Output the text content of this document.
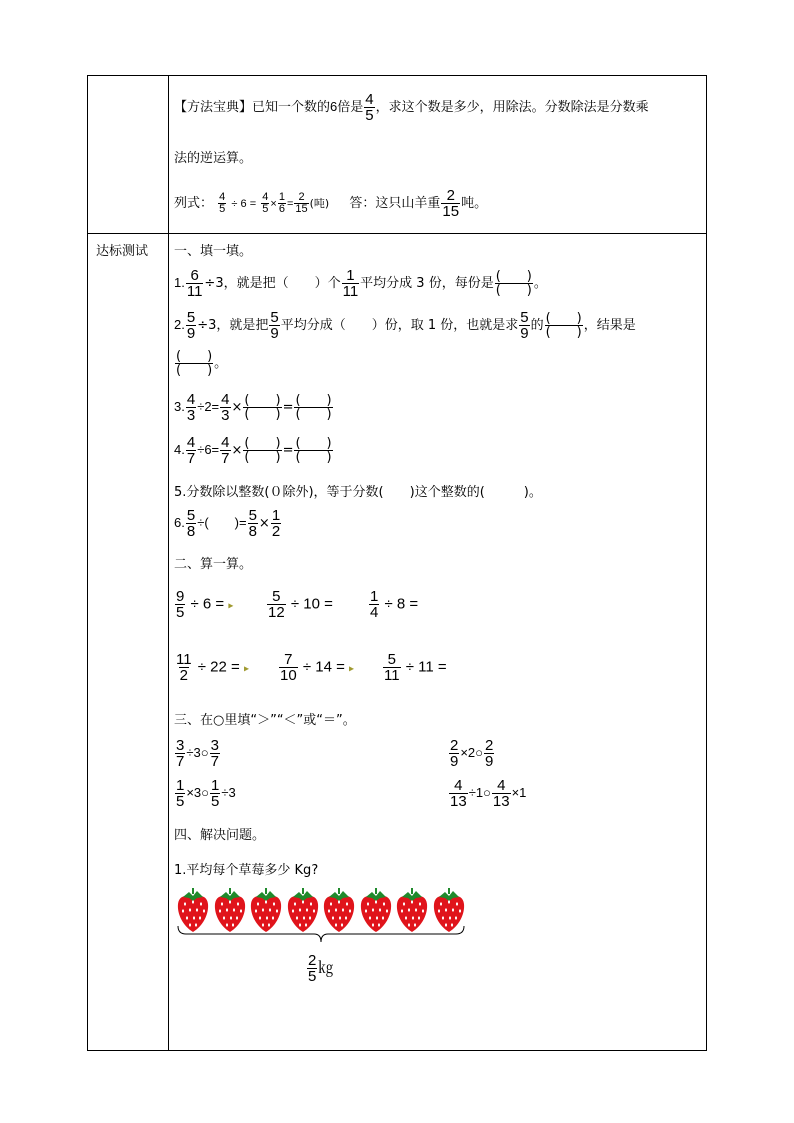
达标测试
【方法宝典】已知一个数的6倍是 $\frac{4}{5}$ ，求这个数是多少，用除法。分数除法是分数乘
法的逆运算。
列式： $\frac{4}{5} \div 6 = \frac{4}{5} \times \frac{1}{6} = \frac{2}{15}$ (吨) 答：这只山羊重 $\frac{2}{15}$ 吨。
一、填一填。
1. $\frac{6}{11} \div 3$，就是把（　　）个 $\frac{1}{11}$ 平均分成 3 份，每份是 $\frac{( )}{( )}$ 。
2. $\frac{5}{9} \div 3$，就是把 $\frac{5}{9}$ 平均分成（　　）份，取 1 份，也就是求 $\frac{5}{9}$ 的 $\frac{( )}{( )}$ ，结果是
$\frac{( )}{( )}$ 。
3. $\frac{4}{3} \div 2= \frac{4}{3} \times \frac{( )}{( )} = \frac{( )}{( )}$
4. $\frac{4}{7} \div 6= \frac{4}{7} \times \frac{( )}{( )} = \frac{( )}{( )}$
5.分数除以整数(０除外)，等于分数(　　)这个整数的(　　　)。
6. $\frac{5}{8}$ ÷(　　)= $\frac{5}{8} \times \frac{1}{2}$
二、算一算。
$\frac{9}{5} \div 6$ = ▸ $\frac{5}{12} \div 10 = \frac{1}{4} \div 8$ =
$\frac{11}{2} \div 22$ = ▸ $\frac{7}{10} \div 14$ = ▸ $\frac{5}{11} \div 11$ =
三、在○里填“＞”“＜”或“＝”。
$\frac{3}{7}$ ÷3○ $\frac{3}{7}$	$\frac{2}{9}$ ×2○ $\frac{2}{9}$
$\frac{1}{5}$ ×3○ $\frac{1}{5} \div 3$	$\frac{4}{13}$ ÷1○ $\frac{4}{13} \times 1$
四、解决问题。
1.平均每个草莓多少 Kg?
$\frac{2}{5}$ ㎏
